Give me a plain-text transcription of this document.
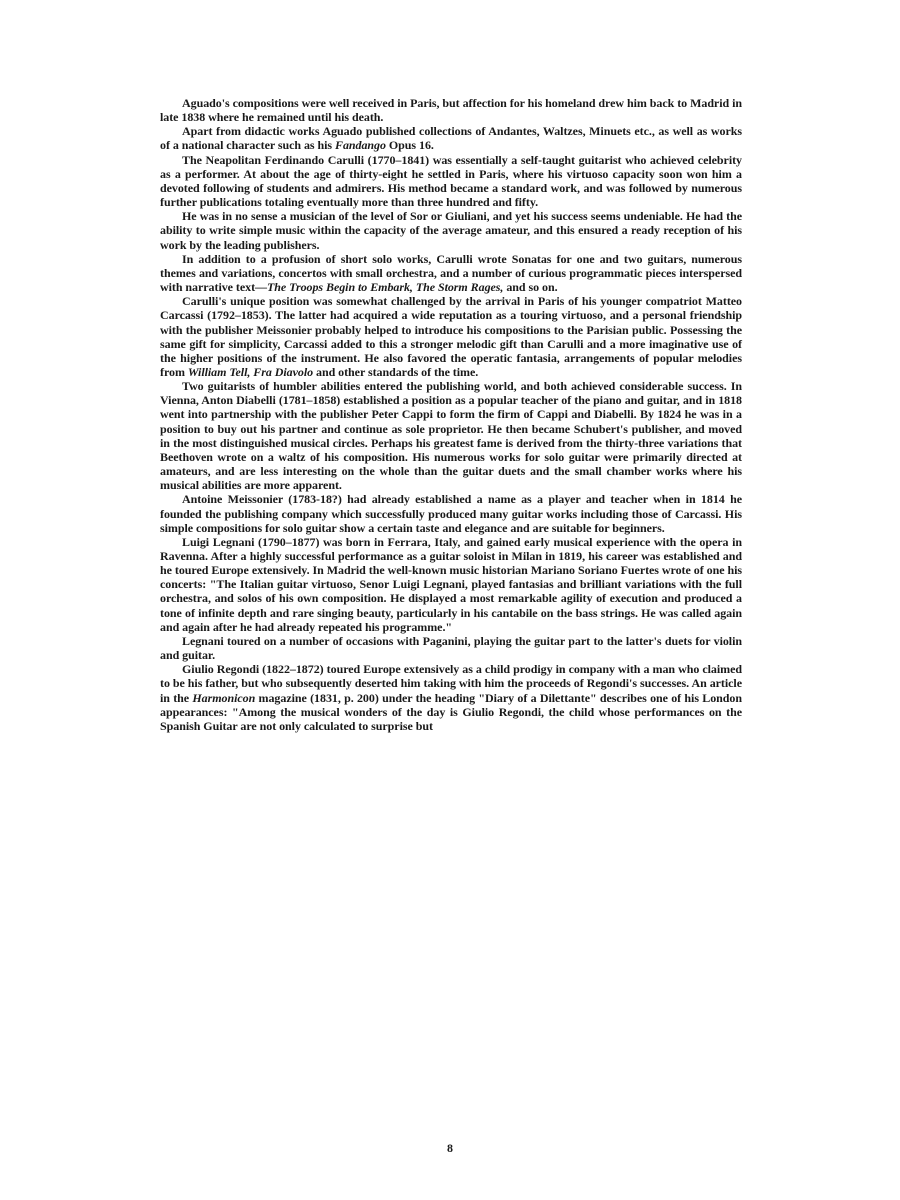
Aguado's compositions were well received in Paris, but affection for his homeland drew him back to Madrid in late 1838 where he remained until his death.

Apart from didactic works Aguado published collections of Andantes, Waltzes, Minuets etc., as well as works of a national character such as his Fandango Opus 16.

The Neapolitan Ferdinando Carulli (1770–1841) was essentially a self-taught guitarist who achieved celebrity as a performer. At about the age of thirty-eight he settled in Paris, where his virtuoso capacity soon won him a devoted following of students and admirers. His method became a standard work, and was followed by numerous further publications totaling eventually more than three hundred and fifty.

He was in no sense a musician of the level of Sor or Giuliani, and yet his success seems undeniable. He had the ability to write simple music within the capacity of the average amateur, and this ensured a ready reception of his work by the leading publishers.

In addition to a profusion of short solo works, Carulli wrote Sonatas for one and two guitars, numerous themes and variations, concertos with small orchestra, and a number of curious programmatic pieces interspersed with narrative text—The Troops Begin to Embark, The Storm Rages, and so on.

Carulli's unique position was somewhat challenged by the arrival in Paris of his younger compatriot Matteo Carcassi (1792–1853). The latter had acquired a wide reputation as a touring virtuoso, and a personal friendship with the publisher Meissonier probably helped to introduce his compositions to the Parisian public. Possessing the same gift for simplicity, Carcassi added to this a stronger melodic gift than Carulli and a more imaginative use of the higher positions of the instrument. He also favored the operatic fantasia, arrangements of popular melodies from William Tell, Fra Diavolo and other standards of the time.

Two guitarists of humbler abilities entered the publishing world, and both achieved considerable success. In Vienna, Anton Diabelli (1781–1858) established a position as a popular teacher of the piano and guitar, and in 1818 went into partnership with the publisher Peter Cappi to form the firm of Cappi and Diabelli. By 1824 he was in a position to buy out his partner and continue as sole proprietor. He then became Schubert's publisher, and moved in the most distinguished musical circles. Perhaps his greatest fame is derived from the thirty-three variations that Beethoven wrote on a waltz of his composition. His numerous works for solo guitar were primarily directed at amateurs, and are less interesting on the whole than the guitar duets and the small chamber works where his musical abilities are more apparent.

Antoine Meissonier (1783-18?) had already established a name as a player and teacher when in 1814 he founded the publishing company which successfully produced many guitar works including those of Carcassi. His simple compositions for solo guitar show a certain taste and elegance and are suitable for beginners.

Luigi Legnani (1790–1877) was born in Ferrara, Italy, and gained early musical experience with the opera in Ravenna. After a highly successful performance as a guitar soloist in Milan in 1819, his career was established and he toured Europe extensively. In Madrid the well-known music historian Mariano Soriano Fuertes wrote of one his concerts: "The Italian guitar virtuoso, Senor Luigi Legnani, played fantasias and brilliant variations with the full orchestra, and solos of his own composition. He displayed a most remarkable agility of execution and produced a tone of infinite depth and rare singing beauty, particularly in his cantabile on the bass strings. He was called again and again after he had already repeated his programme."

Legnani toured on a number of occasions with Paganini, playing the guitar part to the latter's duets for violin and guitar.

Giulio Regondi (1822–1872) toured Europe extensively as a child prodigy in company with a man who claimed to be his father, but who subsequently deserted him taking with him the proceeds of Regondi's successes. An article in the Harmonicon magazine (1831, p. 200) under the heading "Diary of a Dilettante" describes one of his London appearances: "Among the musical wonders of the day is Giulio Regondi, the child whose performances on the Spanish Guitar are not only calculated to surprise but

8
